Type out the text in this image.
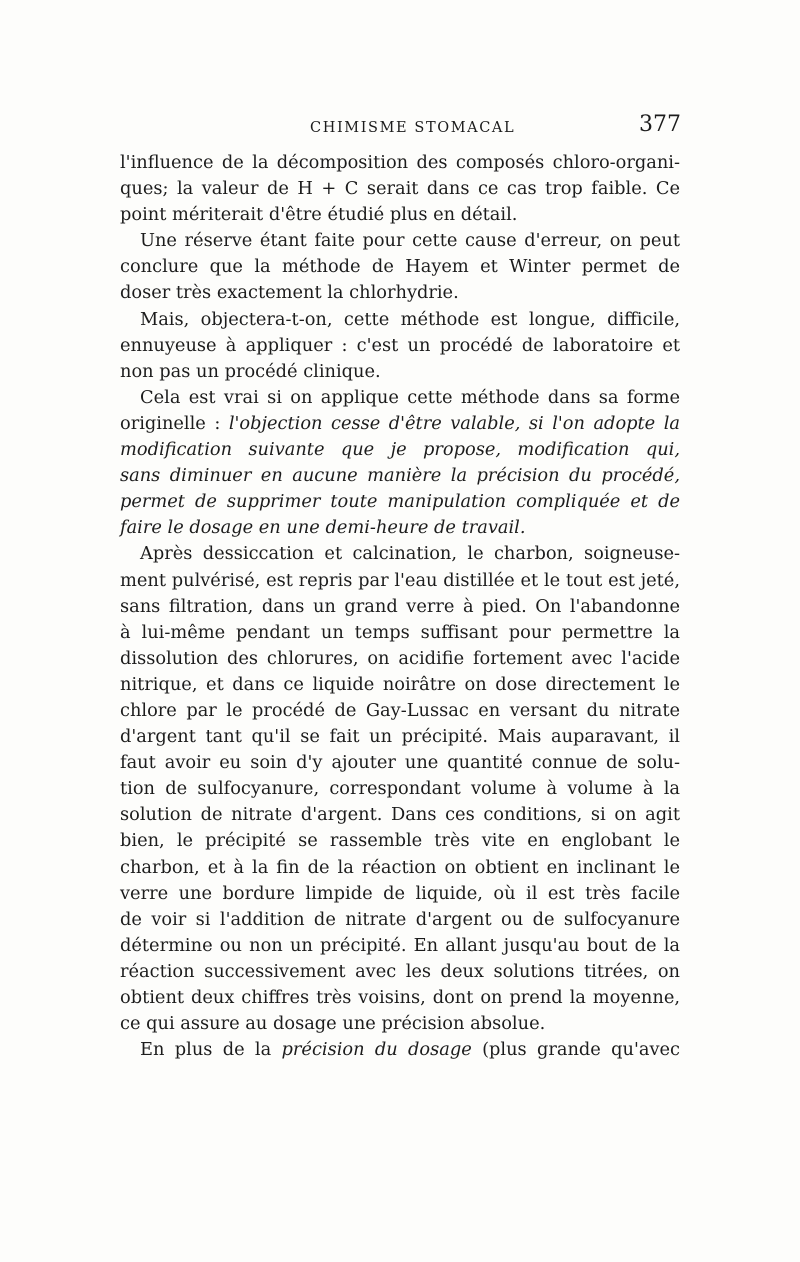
CHIMISME STOMACAL	377
l'influence de la décomposition des composés chloro-organi-
ques; la valeur de H + C serait dans ce cas trop faible. Ce
point mériterait d'être étudié plus en détail.
Une réserve étant faite pour cette cause d'erreur, on peut
conclure que la méthode de Hayem et Winter permet de
doser très exactement la chlorhydrie.
Mais, objectera-t-on, cette méthode est longue, difficile,
ennuyeuse à appliquer : c'est un procédé de laboratoire et
non pas un procédé clinique.
Cela est vrai si on applique cette méthode dans sa forme
originelle : l'objection cesse d'être valable, si l'on adopte la
modification suivante que je propose, modification qui,
sans diminuer en aucune manière la précision du procédé,
permet de supprimer toute manipulation compliquée et de
faire le dosage en une demi-heure de travail.
Après dessiccation et calcination, le charbon, soigneuse-
ment pulvérisé, est repris par l'eau distillée et le tout est jeté,
sans filtration, dans un grand verre à pied. On l'abandonne
à lui-même pendant un temps suffisant pour permettre la
dissolution des chlorures, on acidifie fortement avec l'acide
nitrique, et dans ce liquide noirâtre on dose directement le
chlore par le procédé de Gay-Lussac en versant du nitrate
d'argent tant qu'il se fait un précipité. Mais auparavant, il
faut avoir eu soin d'y ajouter une quantité connue de solu-
tion de sulfocyanure, correspondant volume à volume à la
solution de nitrate d'argent. Dans ces conditions, si on agit
bien, le précipité se rassemble très vite en englobant le
charbon, et à la fin de la réaction on obtient en inclinant le
verre une bordure limpide de liquide, où il est très facile
de voir si l'addition de nitrate d'argent ou de sulfocyanure
détermine ou non un précipité. En allant jusqu'au bout de la
réaction successivement avec les deux solutions titrées, on
obtient deux chiffres très voisins, dont on prend la moyenne,
ce qui assure au dosage une précision absolue.
En plus de la précision du dosage (plus grande qu'avec
